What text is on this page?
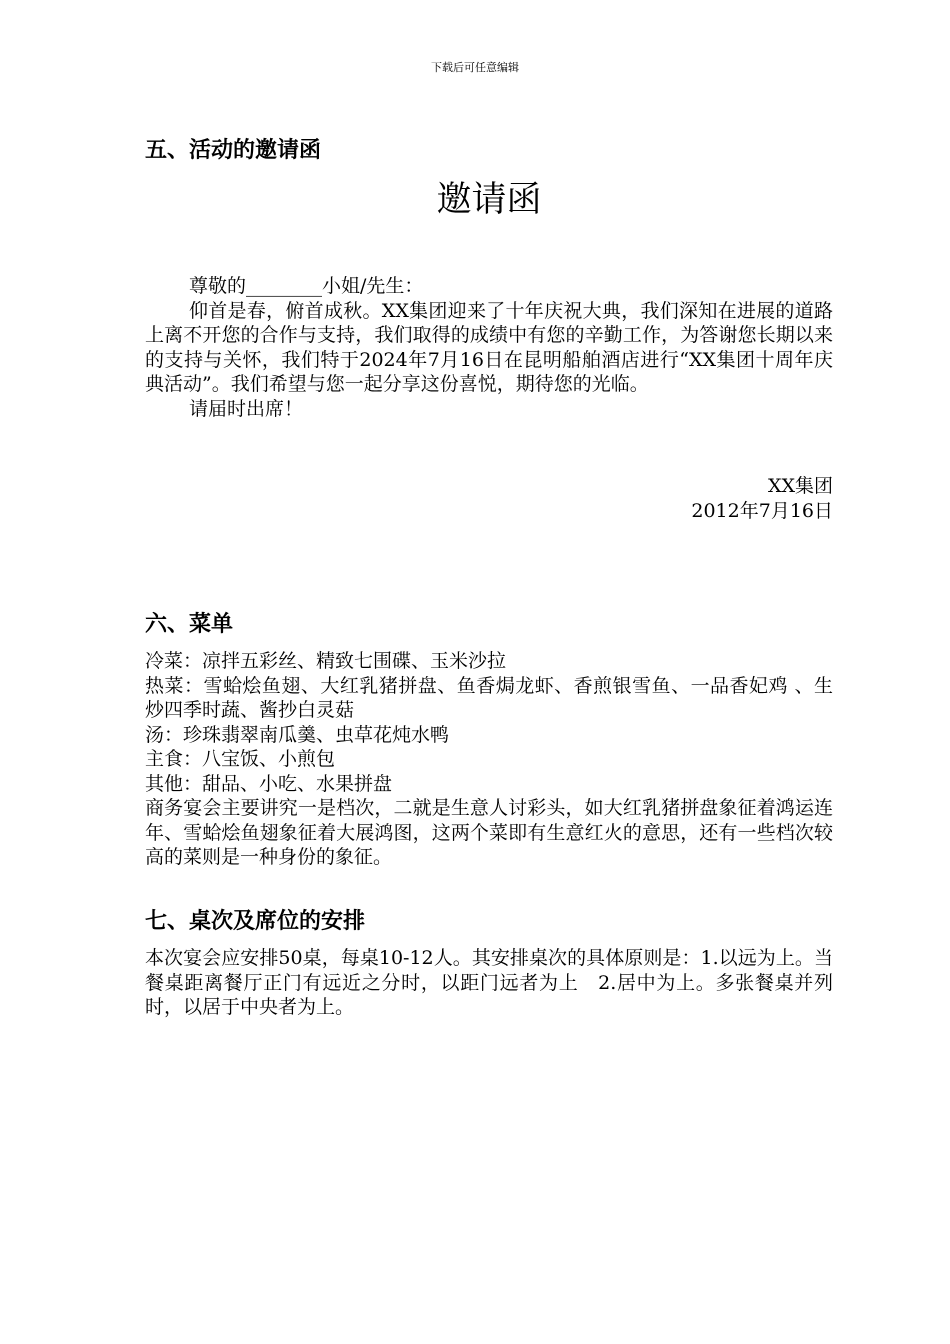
下载后可任意编辑
五、活动的邀请函
邀请函

尊敬的________小姐/先生：

仰首是春，俯首成秋。XX集团迎来了十年庆祝大典，我们深知在进展的道路上离不开您的合作与支持，我们取得的成绩中有您的辛勤工作，为答谢您长期以来的支持与关怀，我们特于2024年7月16日在昆明船舶酒店进行“XX集团十周年庆典活动”。我们希望与您一起分享这份喜悦，期待您的光临。

请届时出席！

XX集团

2012年7月16日

六、菜单

冷菜：凉拌五彩丝、精致七围碟、玉米沙拉

热菜：雪蛤烩鱼翅、大红乳猪拼盘、鱼香焗龙虾、香煎银雪鱼、一品香妃鸡 、生炒四季时蔬、酱抄白灵菇

汤：珍珠翡翠南瓜羹、虫草花炖水鸭

主食：八宝饭、小煎包

其他：甜品、小吃、水果拼盘

商务宴会主要讲究一是档次，二就是生意人讨彩头，如大红乳猪拼盘象征着鸿运连年、雪蛤烩鱼翅象征着大展鸿图，这两个菜即有生意红火的意思，还有一些档次较高的菜则是一种身份的象征。

七、桌次及席位的安排

本次宴会应安排50桌，每桌10-12人。其安排桌次的具体原则是：1.以远为上。当餐桌距离餐厅正门有远近之分时，以距门远者为上　2.居中为上。多张餐桌并列时，以居于中央者为上。
